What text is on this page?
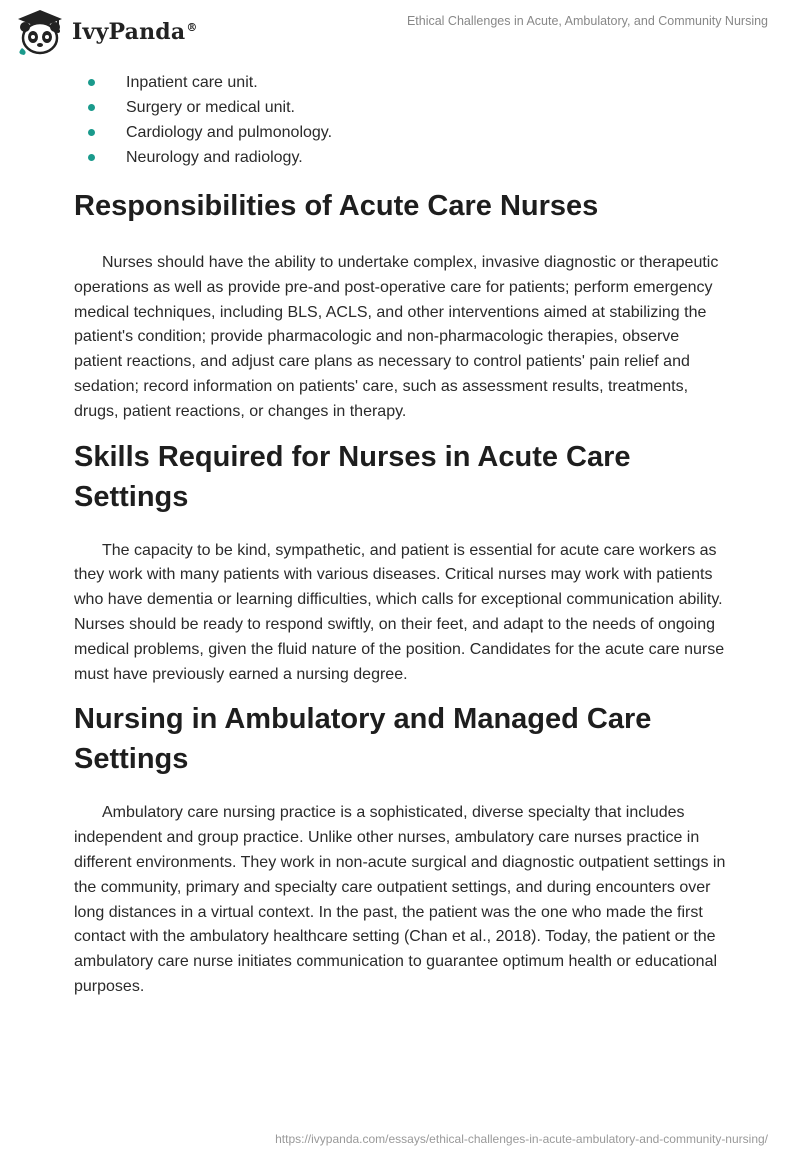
IvyPanda®	Ethical Challenges in Acute, Ambulatory, and Community Nursing
Inpatient care unit.
Surgery or medical unit.
Cardiology and pulmonology.
Neurology and radiology.
Responsibilities of Acute Care Nurses

Nurses should have the ability to undertake complex, invasive diagnostic or therapeutic operations as well as provide pre-and post-operative care for patients; perform emergency medical techniques, including BLS, ACLS, and other interventions aimed at stabilizing the patient's condition; provide pharmacologic and non-pharmacologic therapies, observe patient reactions, and adjust care plans as necessary to control patients' pain relief and sedation; record information on patients' care, such as assessment results, treatments, drugs, patient reactions, or changes in therapy.

Skills Required for Nurses in Acute Care Settings

The capacity to be kind, sympathetic, and patient is essential for acute care workers as they work with many patients with various diseases. Critical nurses may work with patients who have dementia or learning difficulties, which calls for exceptional communication ability. Nurses should be ready to respond swiftly, on their feet, and adapt to the needs of ongoing medical problems, given the fluid nature of the position. Candidates for the acute care nurse must have previously earned a nursing degree.

Nursing in Ambulatory and Managed Care Settings

Ambulatory care nursing practice is a sophisticated, diverse specialty that includes independent and group practice. Unlike other nurses, ambulatory care nurses practice in different environments. They work in non-acute surgical and diagnostic outpatient settings in the community, primary and specialty care outpatient settings, and during encounters over long distances in a virtual context. In the past, the patient was the one who made the first contact with the ambulatory healthcare setting (Chan et al., 2018). Today, the patient or the ambulatory care nurse initiates communication to guarantee optimum health or educational purposes.

https://ivypanda.com/essays/ethical-challenges-in-acute-ambulatory-and-community-nursing/
